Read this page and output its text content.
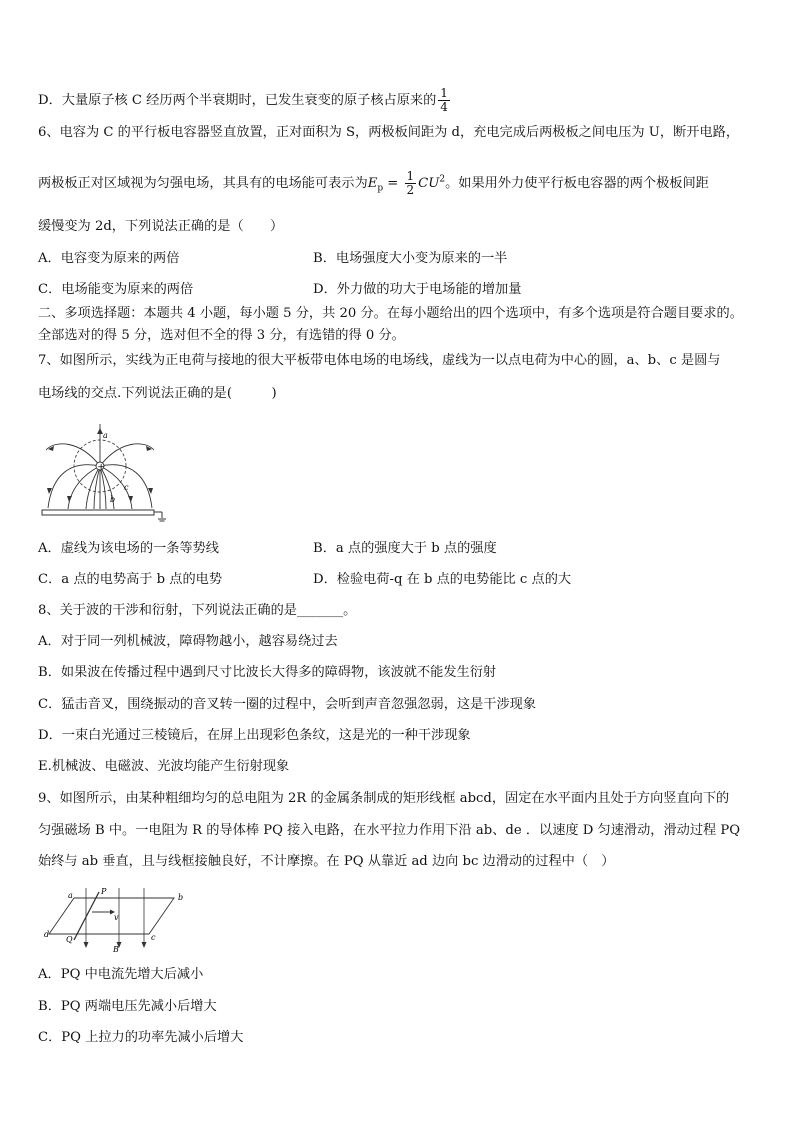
D．大量原子核 C 经历两个半衰期时，已发生衰变的原子核占原来的 $\frac{1}{4}$
6、电容为 C 的平行板电容器竖直放置，正对面积为 S，两极板间距为 d，充电完成后两极板之间电压为 U，断开电路，
两极板正对区域视为匀强电场，其具有的电场能可表示为$E_p = \frac{1}{2} CU^2$。如果用外力使平行板电容器的两个极板间距
缓慢变为 2d，下列说法正确的是（　　）
A．电容变为原来的两倍	B．电场强度大小变为原来的一半
C．电场能变为原来的两倍	D．外力做的功大于电场能的增加量
二、多项选择题：本题共 4 小题，每小题 5 分，共 20 分。在每小题给出的四个选项中，有多个选项是符合题目要求的。
全部选对的得 5 分，选对但不全的得 3 分，有选错的得 0 分。
7、如图所示，实线为正电荷与接地的很大平板带电体电场的电场线，虚线为一以点电荷为中心的圆，a、b、c 是圆与
电场线的交点.下列说法正确的是(　　　)
+
a
b
c
A．虚线为该电场的一条等势线	B．a 点的强度大于 b 点的强度
C．a 点的电势高于 b 点的电势	D．检验电荷-q 在 b 点的电势能比 c 点的大
8、关于波的干涉和衍射，下列说法正确的是_______。
A．对于同一列机械波，障碍物越小，越容易绕过去
B．如果波在传播过程中遇到尺寸比波长大得多的障碍物，该波就不能发生衍射
C．猛击音叉，围绕振动的音叉转一圈的过程中，会听到声音忽强忽弱，这是干涉现象
D．一束白光通过三棱镜后，在屏上出现彩色条纹，这是光的一种干涉现象
E.机械波、电磁波、光波均能产生衍射现象
9、如图所示，由某种粗细均匀的总电阻为 2R 的金属条制成的矩形线框 abcd，固定在水平面内且处于方向竖直向下的
匀强磁场 B 中。一电阻为 R 的导体棒 PQ 接入电路，在水平拉力作用下沿 ab、de ．以速度 D 匀速滑动，滑动过程 PQ
始终与 ab 垂直，且与线框接触良好，不计摩擦。在 PQ 从靠近 ad 边向 bc 边滑动的过程中（　）
a	b
c
d
P
Q
v
B
A．PQ 中电流先增大后减小
B．PQ 两端电压先减小后增大
C．PQ 上拉力的功率先减小后增大
